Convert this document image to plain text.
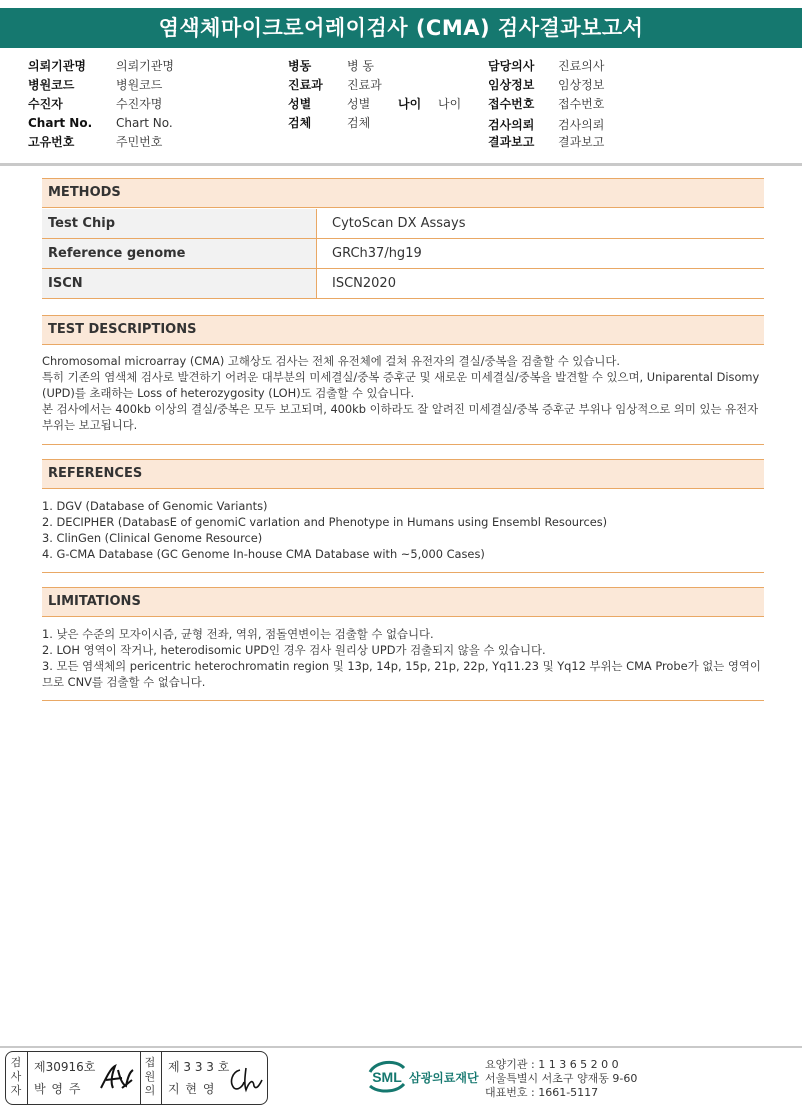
염색체마이크로어레이검사 (CMA) 검사결과보고서
의뢰기관명	의뢰기관명
병원코드	병원코드
수진자	수진자명
Chart No. Chart No.
고유번호	주민번호
병동	병 동
진료과 진료과
성별	성별 나이 나이
검체	검체
담당의사 진료의사
임상정보 임상정보
접수번호 접수번호
검사의뢰 검사의뢰
결과보고 결과보고
METHODS
Test Chip	CytoScan DX Assays
Reference genome	GRCh37/hg19
ISCN	ISCN2020
TEST DESCRIPTIONS

Chromosomal microarray (CMA) 고해상도 검사는 전체 유전체에 걸쳐 유전자의 결실/중복을 검출할 수 있습니다.

특히 기존의 염색체 검사로 발견하기 어려운 대부분의 미세결실/중복 증후군 및 새로운 미세결실/중복을 발견할 수 있으며, Uniparental Disomy (UPD)를 초래하는 Loss of heterozygosity (LOH)도 검출할 수 있습니다.

본 검사에서는 400kb 이상의 결실/중복은 모두 보고되며, 400kb 이하라도 잘 알려진 미세결실/중복 증후군 부위나 임상적으로 의미 있는 유전자 부위는 보고됩니다.

REFERENCES

1. DGV (Database of Genomic Variants)

2. DECIPHER (DatabasE of genomiC varIation and Phenotype in Humans using Ensembl Resources)

3. ClinGen (Clinical Genome Resource)

4. G-CMA Database (GC Genome In-house CMA Database with ~5,000 Cases)

LIMITATIONS

1. 낮은 수준의 모자이시즘, 균형 전좌, 역위, 점돌연변이는 검출할 수 없습니다.

2. LOH 영역이 작거나, heterodisomic UPD인 경우 검사 원리상 UPD가 검출되지 않을 수 있습니다.

3. 모든 염색체의 pericentric heterochromatin region 및 13p, 14p, 15p, 21p, 22p, Yq11.23 및 Yq12 부위는 CMA Probe가 없는 영역이므로 CNV를 검출할 수 없습니다.

검사자
제30916호
박 영 주
접 원 의
제 3 3 3 호
지 현 영
SML 삼광의료재단
요양기관 : 1 1 3 6 5 2 0 0
서울특별시 서초구 양재동 9-60
대표번호 : 1661-5117
